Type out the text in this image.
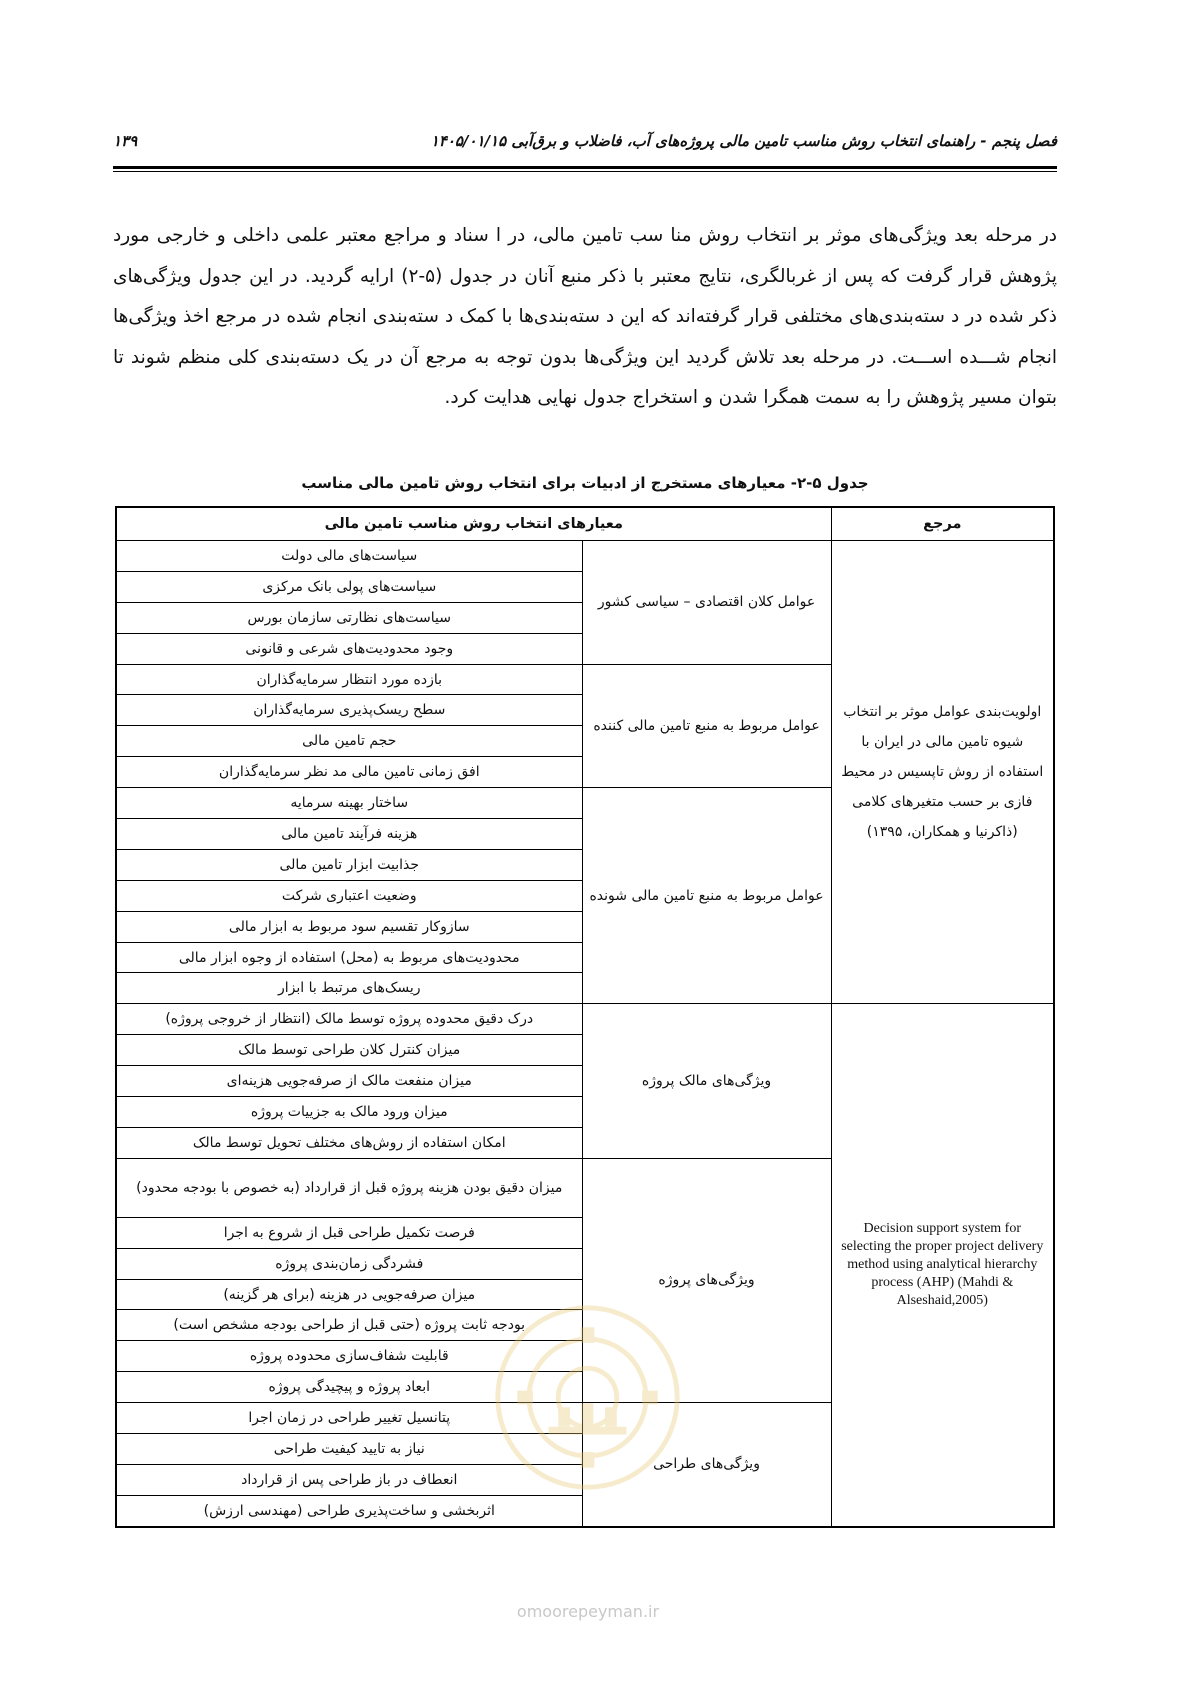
فصل پنجم - راهنمای انتخاب روش مناسب تامین مالی پروژه‌های آب، فاضلاب و برق‌آبی ۱۴۰۵/۰۱/۱۵
۱۳۹

در مرحله بعد ویژگی‌های موثر بر انتخاب روش منا سب تامین مالی، در ا سناد و مراجع معتبر علمی داخلی و خارجی مورد پژوهش قرار گرفت که پس از غربالگری، نتایج معتبر با ذکر منبع آنان در جدول (۵-۲) ارایه گردید. در این جدول ویژگی‌های ذکر شده در د سته‌بندی‌های مختلفی قرار گرفته‌اند که این د سته‌بندی‌ها با کمک د سته‌بندی انجام شده در مرجع اخذ ویژگی‌ها انجام شـــده اســـت. در مرحله بعد تلاش گردید این ویژگی‌ها بدون توجه به مرجع آن در یک دسته‌بندی کلی منظم شوند تا بتوان مسیر پژوهش را به سمت همگرا شدن و استخراج جدول نهایی هدایت کرد.

جدول ۵-۲- معیارهای مستخرج از ادبیات برای انتخاب روش تامین مالی مناسب
مرجع	معیارهای انتخاب روش مناسب تامین مالی	
اولویت‌بندی عوامل موثر بر انتخاب شیوه تامین مالی در ایران با استفاده از روش تاپسیس در محیط فازی بر حسب متغیرهای کلامی (ذاکرنیا و همکاران، ۱۳۹۵)	عوامل کلان اقتصادی – سیاسی کشور	سیاست‌های مالی دولت
		سیاست‌های پولی بانک مرکزی
		سیاست‌های نظارتی سازمان بورس
		وجود محدودیت‌های شرعی و قانونی
	عوامل مربوط به منبع تامین مالی کننده	بازده مورد انتظار سرمایه‌گذاران
		سطح ریسک‌پذیری سرمایه‌گذاران
		حجم تامین مالی
		افق زمانی تامین مالی مد نظر سرمایه‌گذاران
	عوامل مربوط به منبع تامین مالی شونده	ساختار بهینه سرمایه
		هزینه فرآیند تامین مالی
		جذابیت ابزار تامین مالی
		وضعیت اعتباری شرکت
		سازوکار تقسیم سود مربوط به ابزار مالی
		محدودیت‌های مربوط به (محل) استفاده از وجوه ابزار مالی
		ریسک‌های مرتبط با ابزار

Decision support system for selecting the proper project delivery method using analytical hierarchy process (AHP) (Mahdi & Alseshaid,2005)	ویژگی‌های مالک پروژه	درک دقیق محدوده پروژه توسط مالک (انتظار از خروجی پروژه)
		میزان کنترل کلان طراحی توسط مالک
		میزان منفعت مالک از صرفه‌جویی هزینه‌ای
		میزان ورود مالک به جزییات پروژه
		امکان استفاده از روش‌های مختلف تحویل توسط مالک
	ویژگی‌های پروژه	میزان دقیق بودن هزینه پروژه قبل از قرارداد (به خصوص با بودجه محدود)
		فرصت تکمیل طراحی قبل از شروع به اجرا
		فشردگی زمان‌بندی پروژه
		میزان صرفه‌جویی در هزینه (برای هر گزینه)
		بودجه ثابت پروژه (حتی قبل از طراحی بودجه مشخص است)
		قابلیت شفاف‌سازی محدوده پروژه
		ابعاد پروژه و پیچیدگی پروژه
	ویژگی‌های طراحی	پتانسیل تغییر طراحی در زمان اجرا
		نیاز به تایید کیفیت طراحی
		انعطاف در باز طراحی پس از قرارداد
		اثربخشی و ساخت‌پذیری طراحی (مهندسی ارزش)
omoorepeyman.ir
